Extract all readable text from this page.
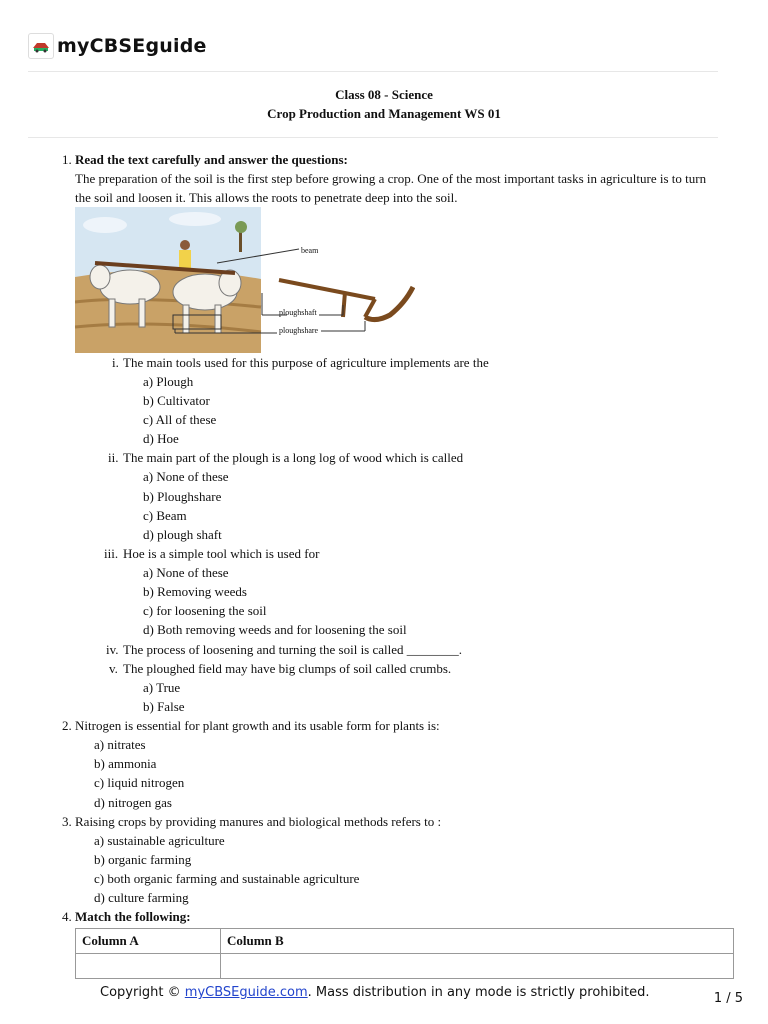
myCBSEguide
Class 08 - Science
Crop Production and Management WS 01
1. Read the text carefully and answer the questions:
The preparation of the soil is the first step before growing a crop. One of the most important tasks in agriculture is to turn
the soil and loosen it. This allows the roots to penetrate deep into the soil.
beam
ploughshaft
ploughshare
i. The main tools used for this purpose of agriculture implements are the
a) Plough
b) Cultivator
c) All of these
d) Hoe
ii. The main part of the plough is a long log of wood which is called
a) None of these
b) Ploughshare
c) Beam
d) plough shaft
iii. Hoe is a simple tool which is used for
a) None of these
b) Removing weeds
c) for loosening the soil
d) Both removing weeds and for loosening the soil
iv. The process of loosening and turning the soil is called ________.
v. The ploughed field may have big clumps of soil called crumbs.
a) True
b) False
2. Nitrogen is essential for plant growth and its usable form for plants is:
a) nitrates
b) ammonia
c) liquid nitrogen
d) nitrogen gas
3. Raising crops by providing manures and biological methods refers to :
a) sustainable agriculture
b) organic farming
c) both organic farming and sustainable agriculture
d) culture farming
4. Match the following:
Column A	Column B

Copyright © myCBSEguide.com. Mass distribution in any mode is strictly prohibited.	1 / 5
